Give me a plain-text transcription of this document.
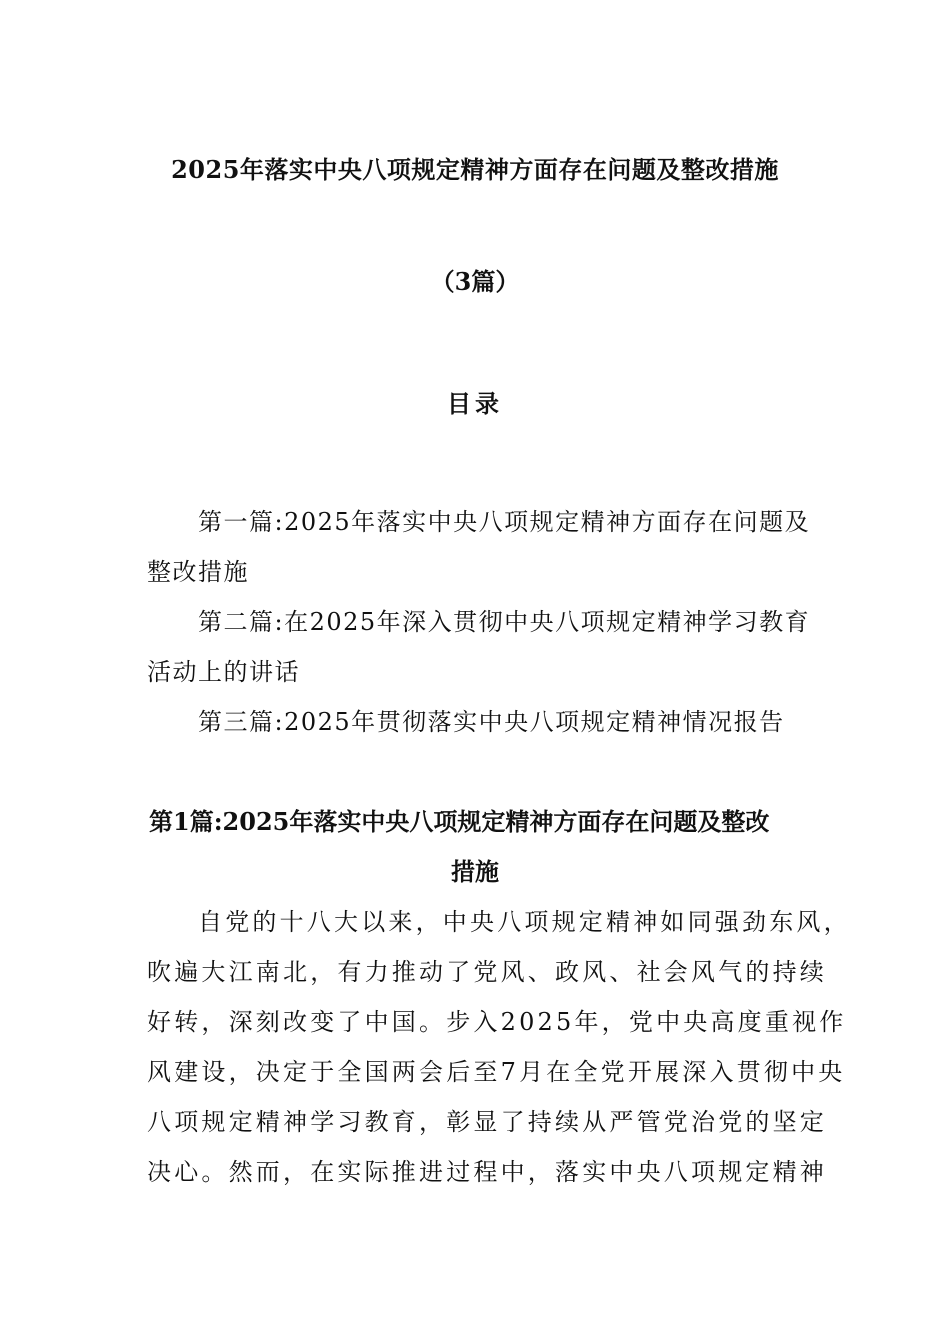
2025年落实中央八项规定精神方面存在问题及整改措施
（3篇）
目录
第一篇:2025年落实中央八项规定精神方面存在问题及
整改措施
第二篇:在2025年深入贯彻中央八项规定精神学习教育
活动上的讲话
第三篇:2025年贯彻落实中央八项规定精神情况报告
第1篇:2025年落实中央八项规定精神方面存在问题及整改
措施
自党的十八大以来，中央八项规定精神如同强劲东风，
吹遍大江南北，有力推动了党风、政风、社会风气的持续
好转，深刻改变了中国。步入2025年，党中央高度重视作
风建设，决定于全国两会后至7月在全党开展深入贯彻中央
八项规定精神学习教育，彰显了持续从严管党治党的坚定
决心。然而，在实际推进过程中，落实中央八项规定精神
